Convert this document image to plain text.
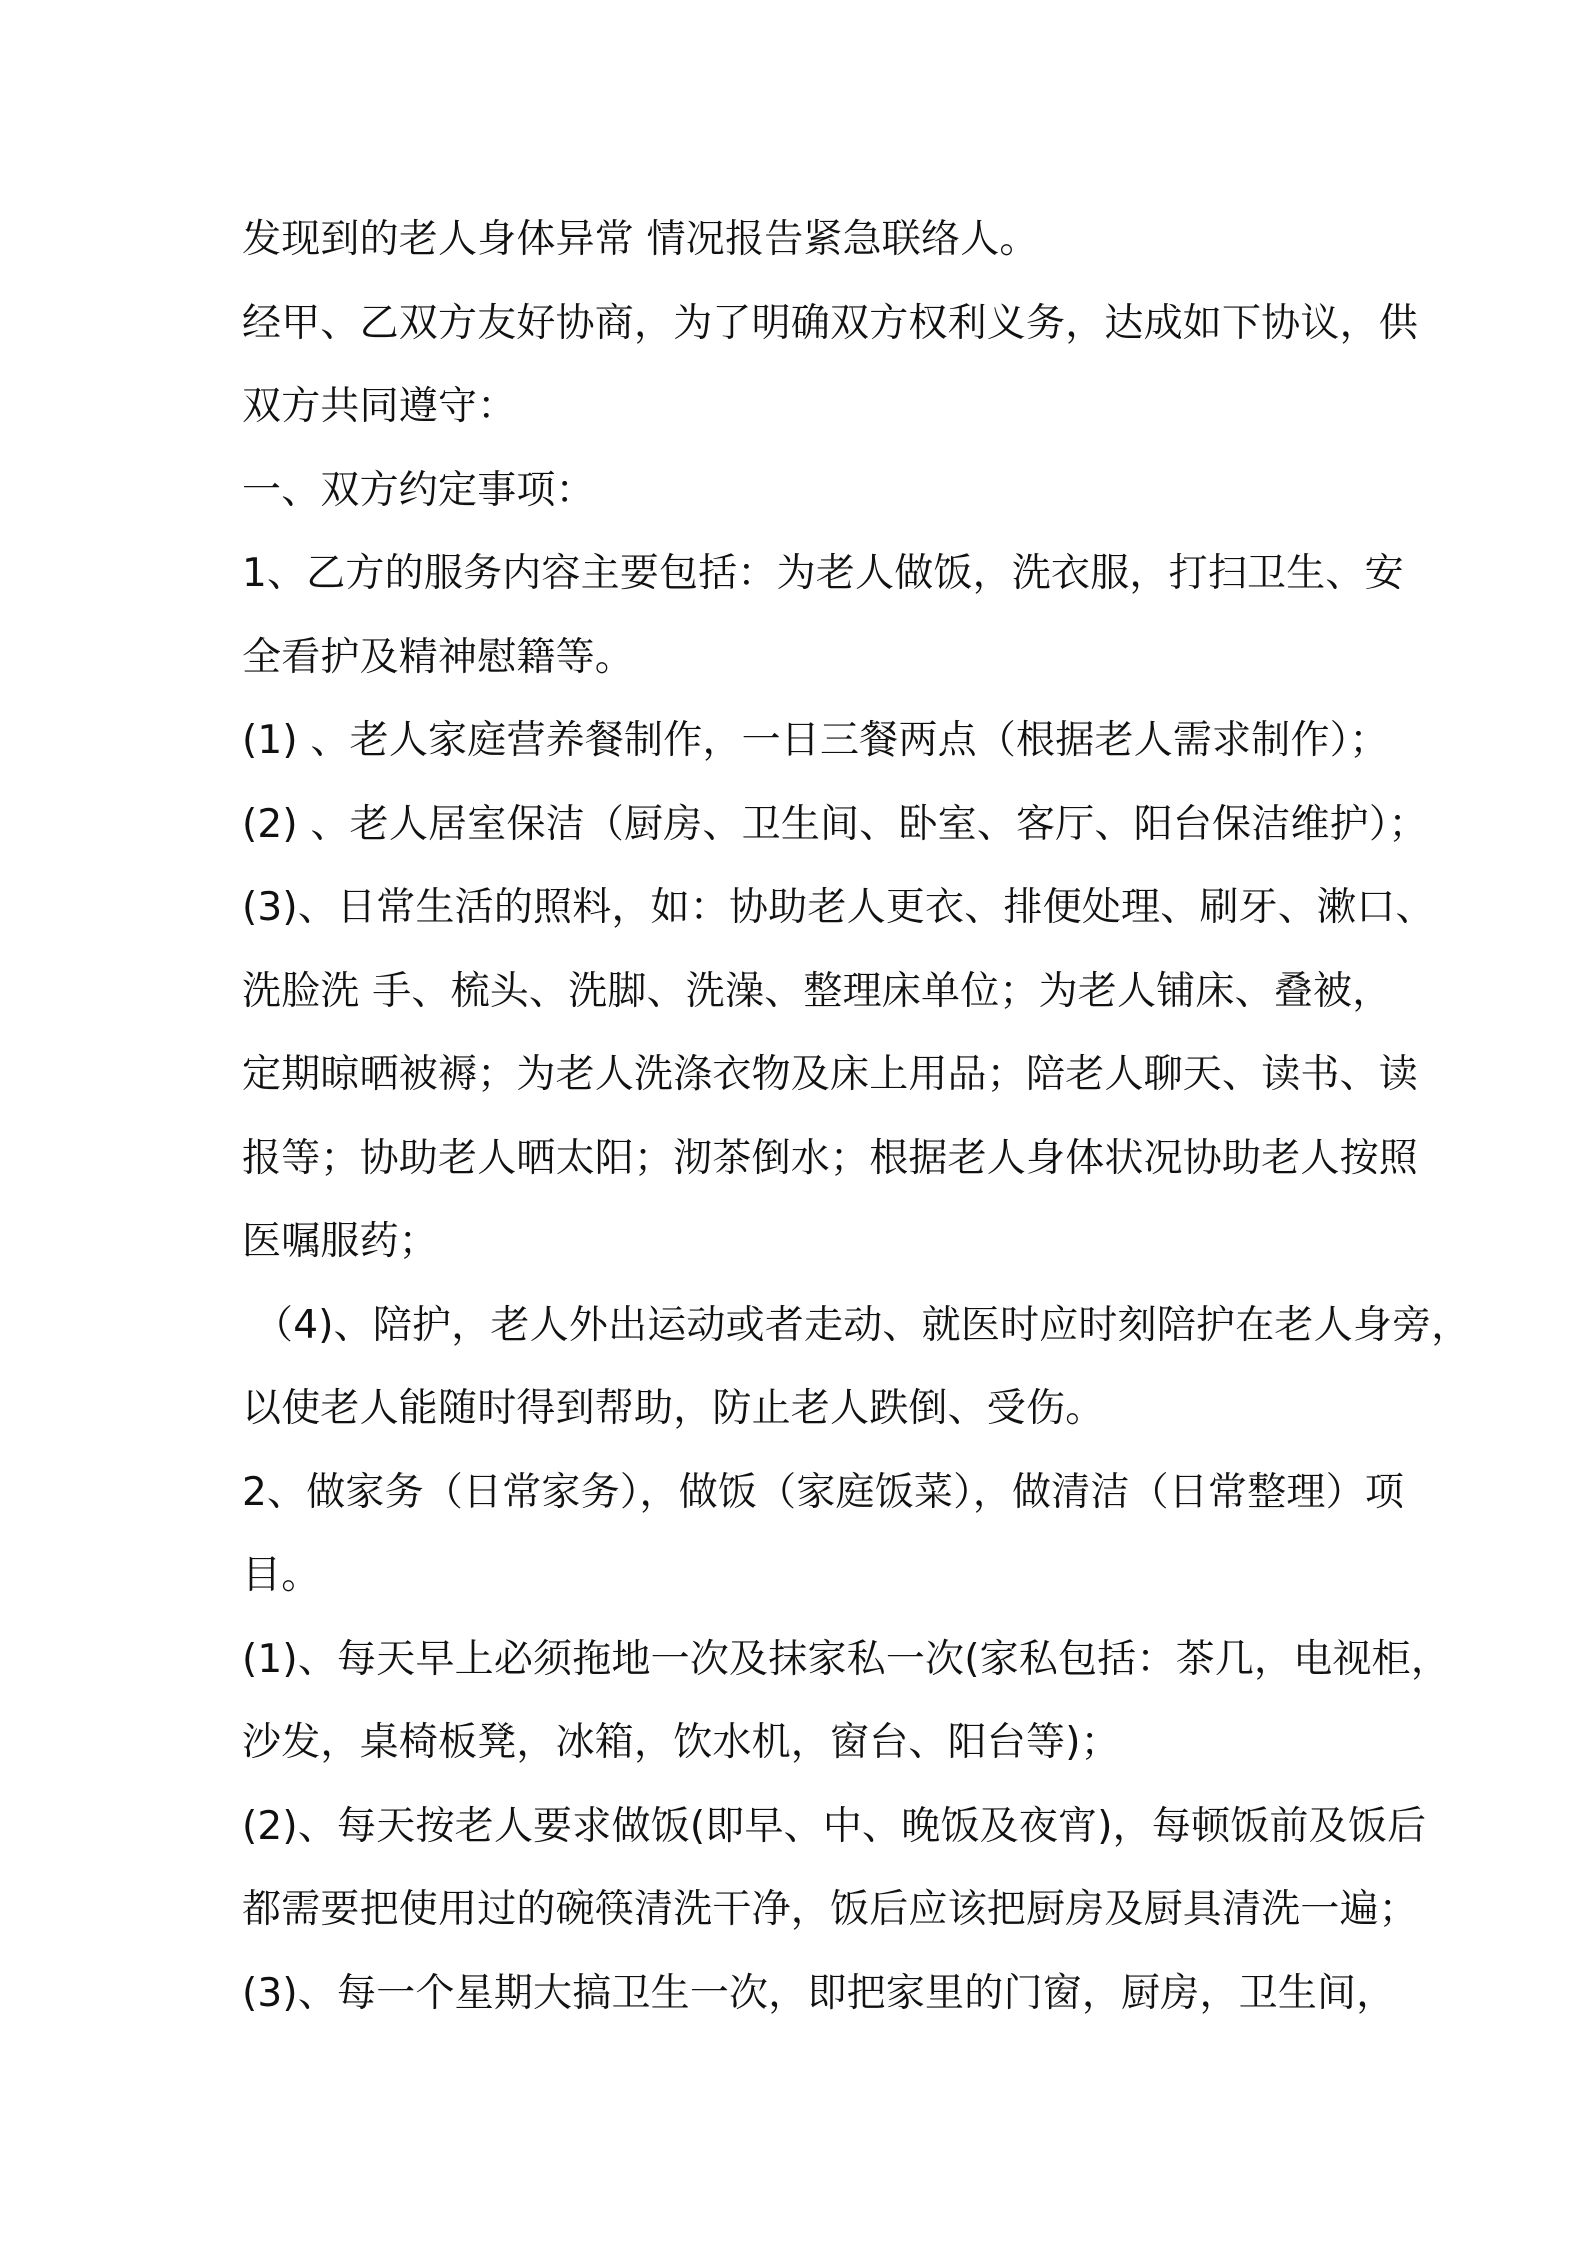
发现到的老人身体异常 情况报告紧急联络人。
经甲、乙双方友好协商，为了明确双方权利义务，达成如下协议，供
双方共同遵守：
一、双方约定事项：
1、乙方的服务内容主要包括：为老人做饭，洗衣服，打扫卫生、安
全看护及精神慰籍等。
(1) 、老人家庭营养餐制作，一日三餐两点（根据老人需求制作）；
(2) 、老人居室保洁（厨房、卫生间、卧室、客厅、阳台保洁维护）；
(3)、日常生活的照料，如：协助老人更衣、排便处理、刷牙、漱口、
洗脸洗 手、梳头、洗脚、洗澡、整理床单位；为老人铺床、叠被，
定期晾晒被褥；为老人洗涤衣物及床上用品；陪老人聊天、读书、读
报等；协助老人晒太阳；沏茶倒水；根据老人身体状况协助老人按照
医嘱服药；
（4)、陪护，老人外出运动或者走动、就医时应时刻陪护在老人身旁，
以使老人能随时得到帮助，防止老人跌倒、受伤。
2、做家务（日常家务），做饭（家庭饭菜），做清洁（日常整理）项
目。
(1)、每天早上必须拖地一次及抹家私一次(家私包括：茶几，电视柜，
沙发，桌椅板凳，冰箱，饮水机，窗台、阳台等)；
(2)、每天按老人要求做饭(即早、中、晚饭及夜宵)，每顿饭前及饭后
都需要把使用过的碗筷清洗干净，饭后应该把厨房及厨具清洗一遍；
(3)、每一个星期大搞卫生一次，即把家里的门窗，厨房，卫生间，
